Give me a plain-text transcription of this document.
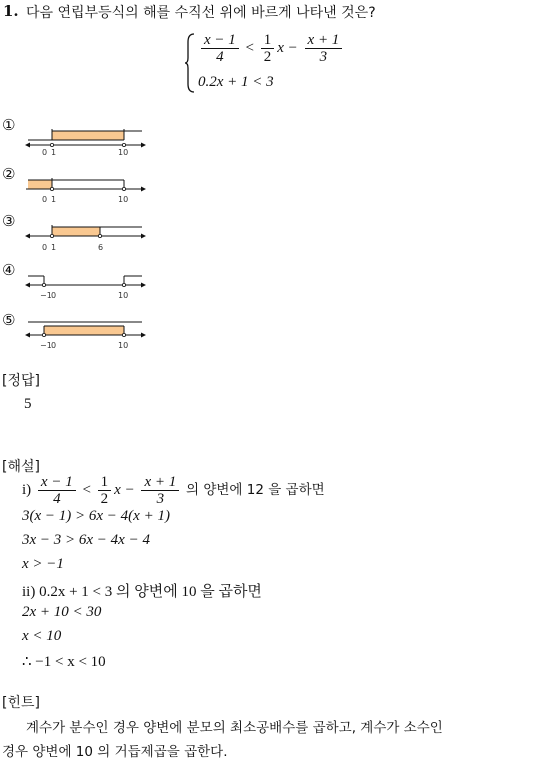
1. 다음 연립부등식의 해를 수직선 위에 바르게 나타낸 것은?
$\frac{x - 1}{4} < \frac{1}{2}$ $x - \frac{x + 1}{3}$
0.2x + 1 < 3
①
0 1	10
②
0 1	10
③
0 1	6
④
−1 0	10
⑤
−1 0	10
[정답]
5
[해설]
$i) \frac{x - 1}{4} < \frac{1}{2}$ $x - \frac{x + 1}{3}$ 의 양변에 12 을 곱하면
3(x − 1) > 6x − 4(x + 1)
3x − 3 > 6x − 4x − 4
x > −1
ii) 0.2x + 1 < 3 의 양변에 10 을 곱하면
2x + 10 < 30
x < 10
∴ −1 < x < 10
[힌트]
계수가 분수인 경우 양변에 분모의 최소공배수를 곱하고, 계수가 소수인
경우 양변에 10 의 거듭제곱을 곱한다.
